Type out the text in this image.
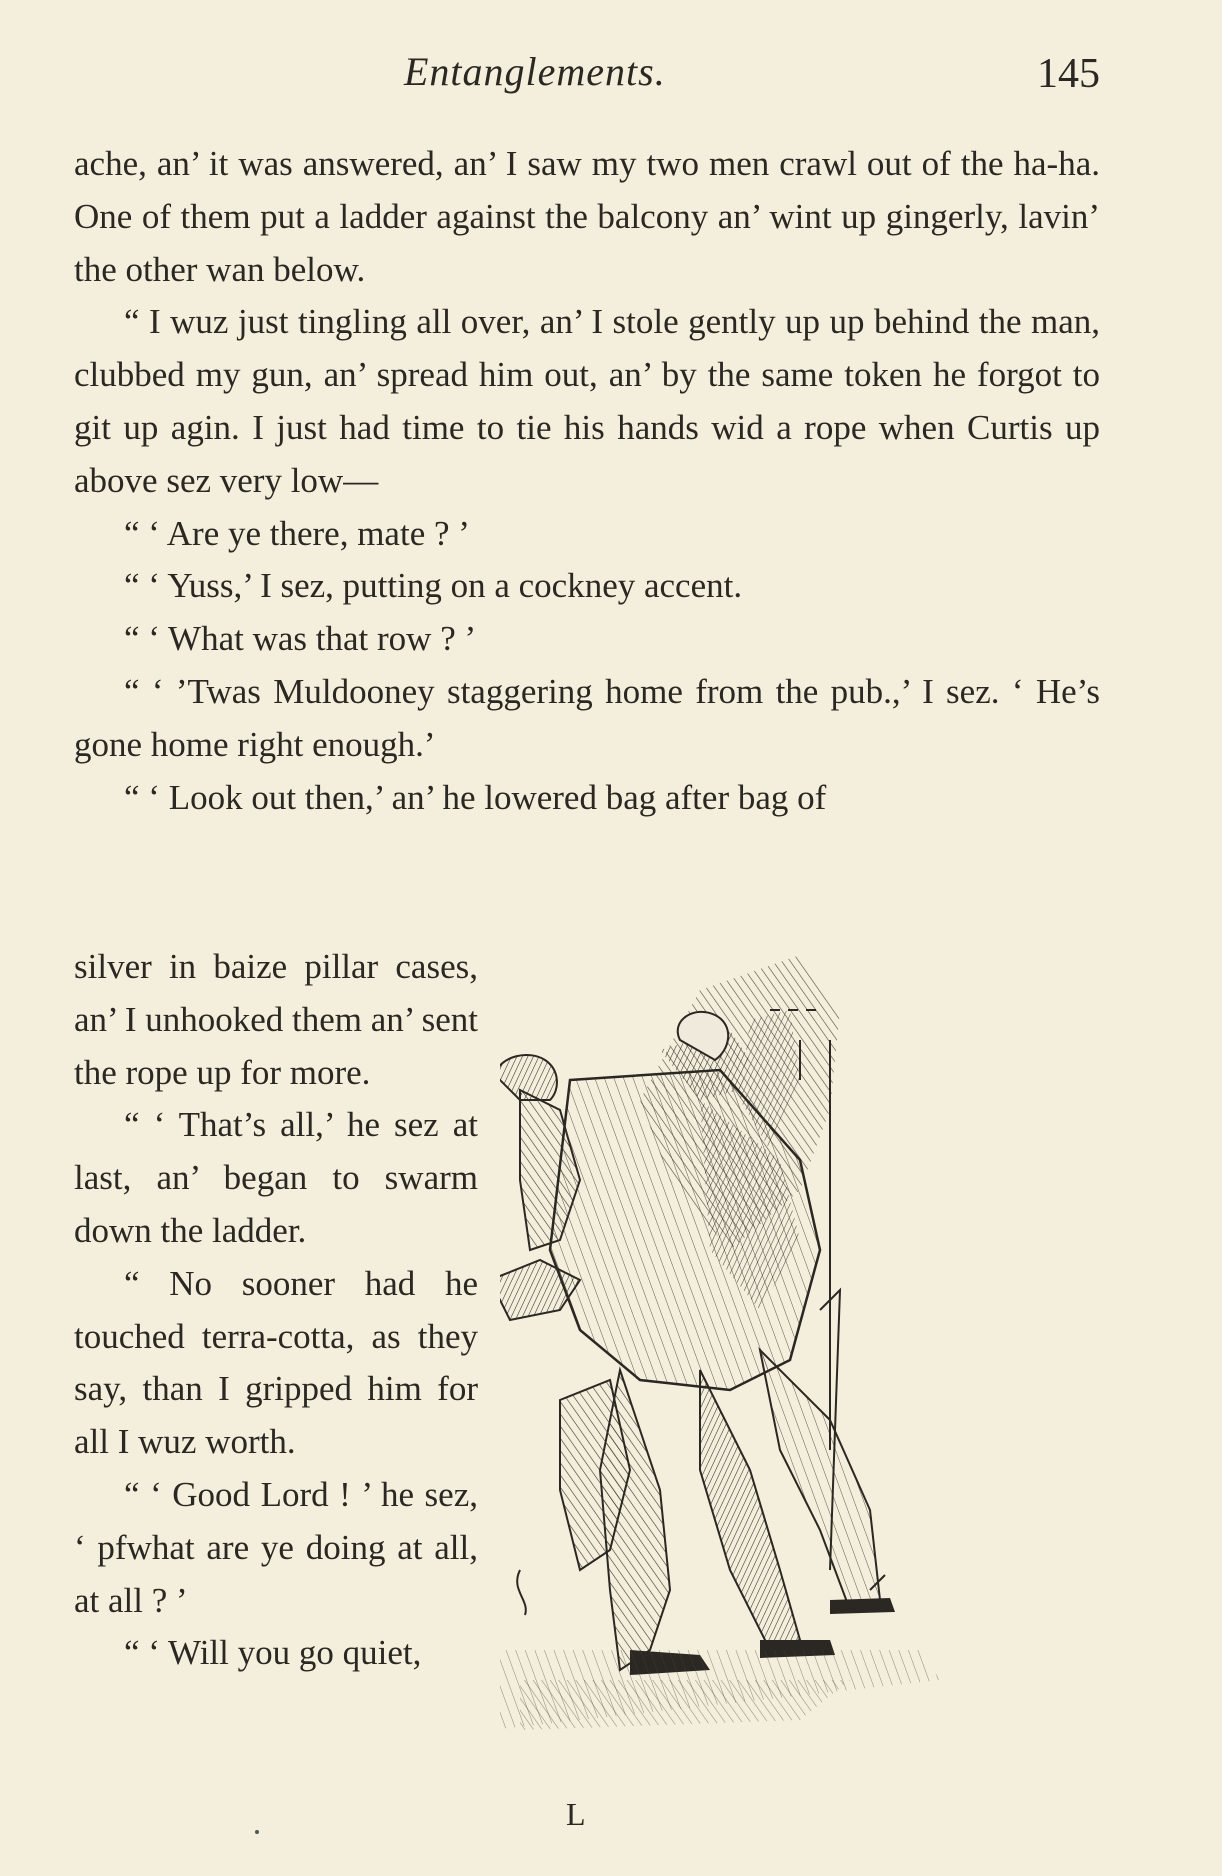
Entanglements.	145

ache, an’ it was answered, an’ I saw my two men crawl out of the ha-ha. One of them put a ladder against the balcony an’ wint up gingerly, lavin’ the other wan below.

“ I wuz just tingling all over, an’ I stole gently up up behind the man, clubbed my gun, an’ spread him out, an’ by the same token he forgot to git up agin. I just had time to tie his hands wid a rope when Curtis up above sez very low—

“ ‘ Are ye there, mate ? ’

“ ‘ Yuss,’ I sez, putting on a cockney accent.

“ ‘ What was that row ? ’

“ ‘ ’Twas Muldooney staggering home from the pub.,’ I sez. ‘ He’s gone home right enough.’

“ ‘ Look out then,’ an’ he lowered bag after bag of

silver in baize pillar cases, an’ I unhooked them an’ sent the rope up for more.

“ ‘ That’s all,’ he sez at last, an’ began to swarm down the ladder.

“ No sooner had he touched terra-cotta, as they say, than I gripped him for all I wuz worth.

“ ‘ Good Lord ! ’ he sez, ‘ pfwhat are ye doing at all, at all ? ’

“ ‘ Will you go quiet,

L
